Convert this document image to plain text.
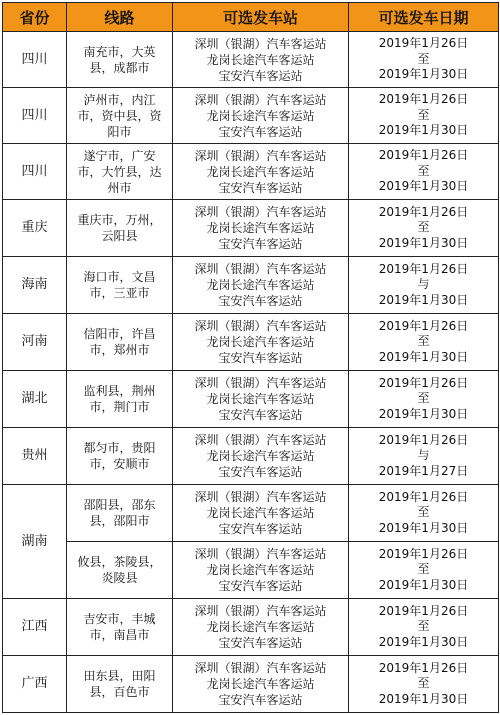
省份	线路	可选发车站	可选发车日期
四川	南充市，大英
县，成都市	深圳（银湖）汽车客运站
龙岗长途汽车客运站
宝安汽车客运站	2019年1月26日
至
2019年1月30日

四川	泸州市，内江
市，资中县，资
阳市	深圳（银湖）汽车客运站
龙岗长途汽车客运站
宝安汽车客运站	2019年1月26日
至
2019年1月30日

四川	遂宁市，广安
市，大竹县，达
州市	深圳（银湖）汽车客运站
龙岗长途汽车客运站
宝安汽车客运站	2019年1月26日
至
2019年1月30日

重庆	重庆市，万州，
云阳县	深圳（银湖）汽车客运站
龙岗长途汽车客运站
宝安汽车客运站	2019年1月26日
至
2019年1月30日

海南	海口市，文昌
市，三亚市	深圳（银湖）汽车客运站
龙岗长途汽车客运站
宝安汽车客运站	2019年1月26日
与
2019年1月30日

河南	信阳市，许昌
市，郑州市	深圳（银湖）汽车客运站
龙岗长途汽车客运站
宝安汽车客运站	2019年1月26日
至
2019年1月30日

湖北	监利县，荆州
市，荆门市	深圳（银湖）汽车客运站
龙岗长途汽车客运站
宝安汽车客运站	2019年1月26日
至
2019年1月30日

贵州	都匀市，贵阳
市，安顺市	深圳（银湖）汽车客运站
龙岗长途汽车客运站
宝安汽车客运站	2019年1月26日
与
2019年1月27日

湖南	邵阳县，邵东
县，邵阳市	深圳（银湖）汽车客运站
龙岗长途汽车客运站
宝安汽车客运站	2019年1月26日
至
2019年1月30日

	攸县，茶陵县，
炎陵县	深圳（银湖）汽车客运站
龙岗长途汽车客运站
宝安汽车客运站	2019年1月26日
至
2019年1月30日

江西	吉安市，丰城
市，南昌市	深圳（银湖）汽车客运站
龙岗长途汽车客运站
宝安汽车客运站	2019年1月26日
至
2019年1月30日

广西	田东县，田阳
县，百色市	深圳（银湖）汽车客运站
龙岗长途汽车客运站
宝安汽车客运站	2019年1月26日
至
2019年1月30日
